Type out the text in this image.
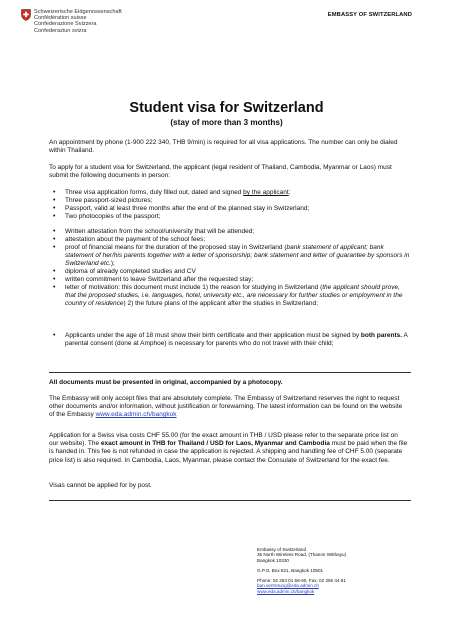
Schweizerische Eidgenossenschaft
Confédération suisse
Confederazione Svizzera
Confederaziun svizra
EMBASSY OF SWITZERLAND
Student visa for Switzerland
(stay of more than 3 months)

An appointment by phone (1-900 222 340, THB 9/min) is required for all visa applications. The number can only be dialed within Thailand.

To apply for a student visa for Switzerland, the applicant (legal resident of Thailand, Cambodia, Myanmar or Laos) must submit the following documents in person:

• Three visa application forms, duly filled out, dated and signed by the applicant;
• Three passport-sized pictures;
• Passport, valid at least three months after the end of the planned stay in Switzerland;
• Two photocopies of the passport;
• Written attestation from the school/university that will be attended;
• attestation about the payment of the school fees;
• proof of financial means for the duration of the proposed stay in Switzerland (bank statement of applicant; bank statement of her/his parents together with a letter of sponsorship; bank statement and letter of guarantee by sponsors in Switzerland etc.);
• diploma of already completed studies and CV
• written commitment to leave Switzerland after the requested stay;
• letter of motivation: this document must include 1) the reason for studying in Switzerland (the applicant should prove, that the proposed studies, i.e. languages, hotel, university etc., are necessary for further studies or employment in the country of residence) 2) the future plans of the applicant after the studies in Switzerland;
• Applicants under the age of 18 must show their birth certificate and their application must be signed by both parents. A parental consent (done at Amphoe) is necessary for parents who do not travel with their child;

All documents must be presented in original, accompanied by a photocopy.

The Embassy will only accept files that are absolutely complete. The Embassy of Switzerland reserves the right to request other documents and/or information, without justification or forewarning. The latest information can be found on the website of the Embassy www.eda.admin.ch/bangkok

Application for a Swiss visa costs CHF 55.00 (for the exact amount in THB / USD please refer to the separate price list on our website). The exact amount in THB for Thailand / USD for Laos, Myanmar and Cambodia must be paid when the file is handed in. This fee is not refunded in case the application is rejected. A shipping and handling fee of CHF 5.00 (separate price list) is also required. In Cambodia, Laos, Myanmar, please contact the Consulate of Switzerland for the exact fee.

Visas cannot be applied for by post.

Embassy of Switzerland
35 North Wireless Road, (Thanon Witthayu)
Bangkok 10330
G.P.O. Box 821, Bangkok 10501
Phone: 02 253 01 56-60, Fax: 02 255 44 81
ban.vertretung@eda.admin.ch
www.eda.admin.ch/bangkok
